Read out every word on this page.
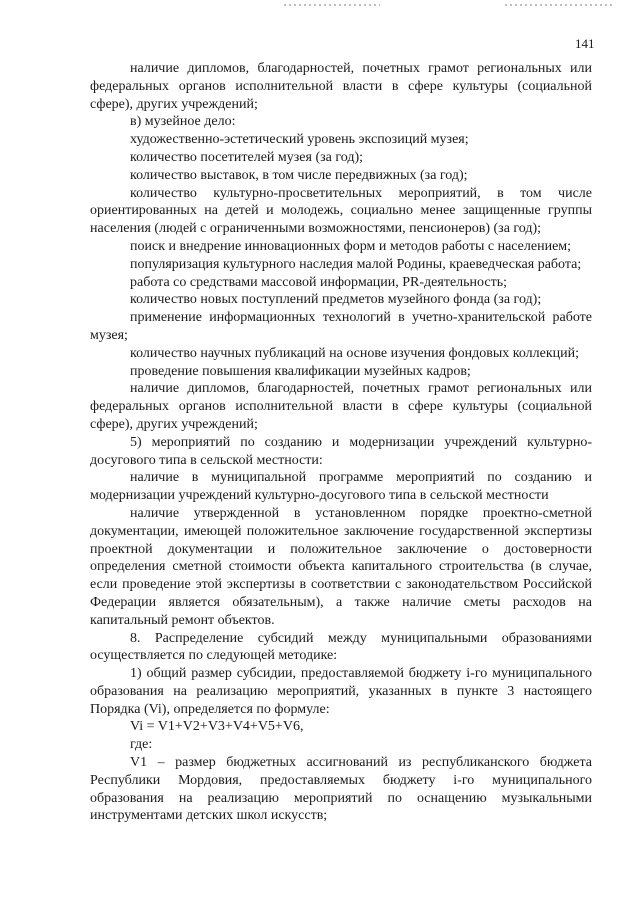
141

наличие дипломов, благодарностей, почетных грамот региональных или федеральных органов исполнительной власти в сфере культуры (социальной сфере), других учреждений;

в) музейное дело:

художественно-эстетический уровень экспозиций музея;

количество посетителей музея (за год);

количество выставок, в том числе передвижных (за год);

количество культурно-просветительных мероприятий, в том числе ориентированных на детей и молодежь, социально менее защищенные группы населения (людей с ограниченными возможностями, пенсионеров) (за год);

поиск и внедрение инновационных форм и методов работы с населением;

популяризация культурного наследия малой Родины, краеведческая работа;

работа со средствами массовой информации, PR-деятельность;

количество новых поступлений предметов музейного фонда (за год);

применение информационных технологий в учетно-хранительской работе музея;

количество научных публикаций на основе изучения фондовых коллекций;

проведение повышения квалификации музейных кадров;

наличие дипломов, благодарностей, почетных грамот региональных или федеральных органов исполнительной власти в сфере культуры (социальной сфере), других учреждений;

5) мероприятий по созданию и модернизации учреждений культурно-досугового типа в сельской местности:

наличие в муниципальной программе мероприятий по созданию и модернизации учреждений культурно-досугового типа в сельской местности

наличие утвержденной в установленном порядке проектно-сметной документации, имеющей положительное заключение государственной экспертизы проектной документации и положительное заключение о достоверности определения сметной стоимости объекта капитального строительства (в случае, если проведение этой экспертизы в соответствии с законодательством Российской Федерации является обязательным), а также наличие сметы расходов на капитальный ремонт объектов.

8. Распределение субсидий между муниципальными образованиями осуществляется по следующей методике:

1) общий размер субсидии, предоставляемой бюджету i-го муниципального образования на реализацию мероприятий, указанных в пункте 3 настоящего Порядка (Vi), определяется по формуле:

Vi = V1+V2+V3+V4+V5+V6,

где:

V1 – размер бюджетных ассигнований из республиканского бюджета Республики Мордовия, предоставляемых бюджету i-го муниципального образования на реализацию мероприятий по оснащению музыкальными инструментами детских школ искусств;
